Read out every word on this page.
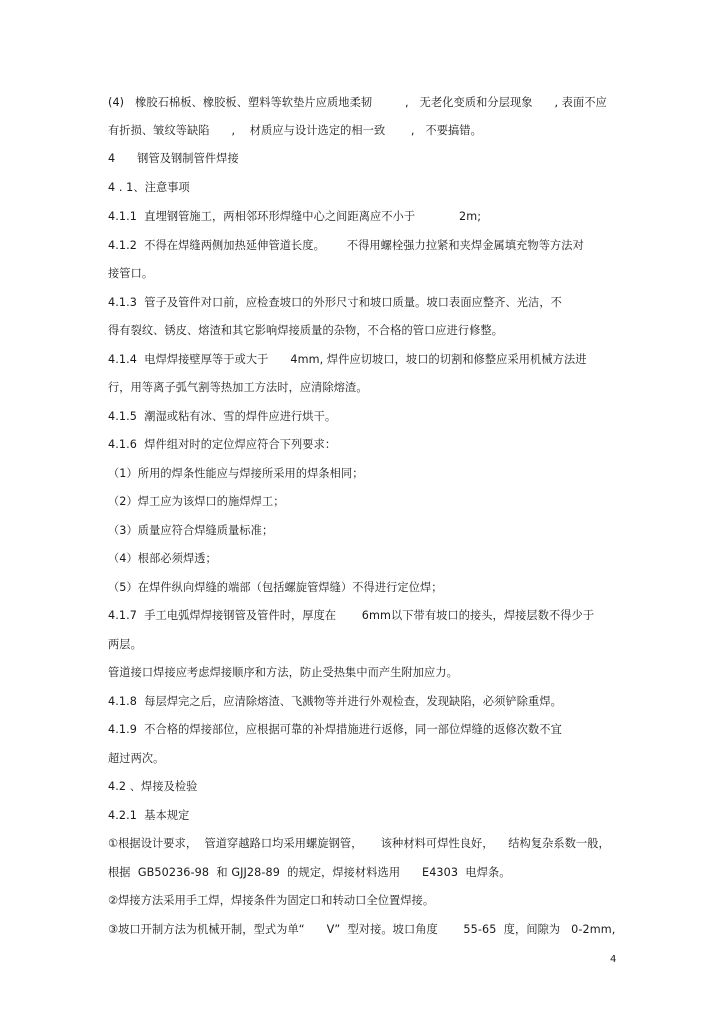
(4)   橡胶石棉板、橡胶板、塑料等软垫片应质地柔韧         ,   无老化变质和分层现象      , 表面不应
有折损、皱纹等缺陷      ,    材质应与设计选定的相一致       ,   不要搞错。
4      钢管及钢制管件焊接
4 . 1、注意事项
4.1.1  直埋钢管施工，两相邻环形焊缝中心之间距离应不小于            2m;
4.1.2  不得在焊缝两侧加热延伸管道长度。      不得用螺栓强力拉紧和夹焊金属填充物等方法对
接管口。
4.1.3  管子及管件对口前，应检查坡口的外形尺寸和坡口质量。坡口表面应整齐、光洁，不
得有裂纹、锈皮、熔渣和其它影响焊接质量的杂物，不合格的管口应进行修整。
4.1.4  电焊焊接壁厚等于或大于      4mm, 焊件应切坡口，坡口的切割和修整应采用机械方法进
行，用等离子弧气割等热加工方法时，应清除熔渣。
4.1.5  潮湿或粘有冰、雪的焊件应进行烘干。
4.1.6  焊件组对时的定位焊应符合下列要求：
（1）所用的焊条性能应与焊接所采用的焊条相同；
（2）焊工应为该焊口的施焊焊工；
（3）质量应符合焊缝质量标准；
（4）根部必须焊透；
（5）在焊件纵向焊缝的端部（包括螺旋管焊缝）不得进行定位焊；
4.1.7  手工电弧焊焊接钢管及管件时，厚度在       6mm以下带有坡口的接头，焊接层数不得少于
两层。
管道接口焊接应考虑焊接顺序和方法，防止受热集中而产生附加应力。
4.1.8  每层焊完之后，应清除熔渣、飞溅物等并进行外观检查，发现缺陷，必须铲除重焊。
4.1.9  不合格的焊接部位，应根据可靠的补焊措施进行返修，同一部位焊缝的返修次数不宜
超过两次。
4.2 、焊接及检验
4.2.1  基本规定
①根据设计要求，  管道穿越路口均采用螺旋钢管，     该种材料可焊性良好，    结构复杂系数一般，
根据  GB50236-98  和 GJJ28-89  的规定，焊接材料选用      E4303  电焊条。
②焊接方法采用手工焊，焊接条件为固定口和转动口全位置焊接。
③坡口开制方法为机械开制，型式为单“      V”  型对接。坡口角度       55-65  度，间隙为   0-2mm,
4
